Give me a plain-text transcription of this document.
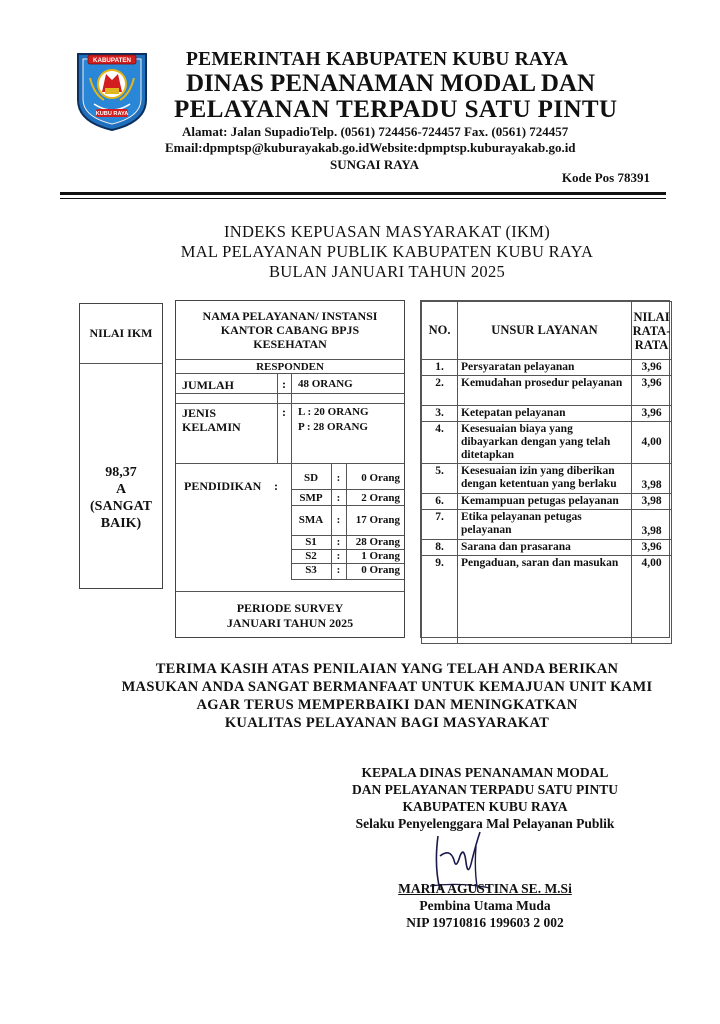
KABUPATEN
KUBU RAYA
PEMERINTAH KABUPATEN KUBU RAYA
DINAS PENANAMAN MODAL DAN
PELAYANAN TERPADU SATU PINTU
Alamat: Jalan SupadioTelp. (0561) 724456-724457 Fax. (0561) 724457
Email:dpmptsp@kuburayakab.go.idWebsite:dpmptsp.kuburayakab.go.id
SUNGAI RAYA
Kode Pos 78391
INDEKS KEPUASAN MASYARAKAT (IKM)
MAL PELAYANAN PUBLIK KABUPATEN KUBU RAYA
BULAN JANUARI TAHUN 2025
NILAI IKM
98,37
A
(SANGAT
BAIK)
NAMA PELAYANAN/ INSTANSI
KANTOR CABANG BPJS
KESEHATAN
RESPONDEN
JUMLAH	: 48 ORANG
JENIS
KELAMIN
: L : 20 ORANG
P : 28 ORANG
PENDIDIKAN :
SD	:	0 Orang
SMP	:	2 Orang
SMA	:	17 Orang
S1	:	28 Orang
S2	:	1 Orang
S3	:	0 Orang
PERIODE SURVEY
JANUARI TAHUN 2025
NO.	UNSUR LAYANAN	NILAI
RATA-
RATA

1.	Persyaratan pelayanan	3,96
2.	Kemudahan prosedur pelayanan	3,96
3.	Ketepatan pelayanan	3,96
4.	Kesesuaian biaya yang dibayarkan dengan yang telah ditetapkan	4,00
5.	Kesesuaian izin yang diberikan dengan ketentuan yang berlaku	3,98
6.	Kemampuan petugas pelayanan	3,98
7.	Etika pelayanan petugas pelayanan	3,98
8.	Sarana dan prasarana	3,96
9.	Pengaduan, saran dan masukan	4,00
TERIMA KASIH ATAS PENILAIAN YANG TELAH ANDA BERIKAN
MASUKAN ANDA SANGAT BERMANFAAT UNTUK KEMAJUAN UNIT KAMI
AGAR TERUS MEMPERBAIKI DAN MENINGKATKAN
KUALITAS PELAYANAN BAGI MASYARAKAT
KEPALA DINAS PENANAMAN MODAL
DAN PELAYANAN TERPADU SATU PINTU
KABUPATEN KUBU RAYA
Selaku Penyelenggara Mal Pelayanan Publik
MARIA AGUSTINA SE. M.Si
Pembina Utama Muda
NIP 19710816 199603 2 002
